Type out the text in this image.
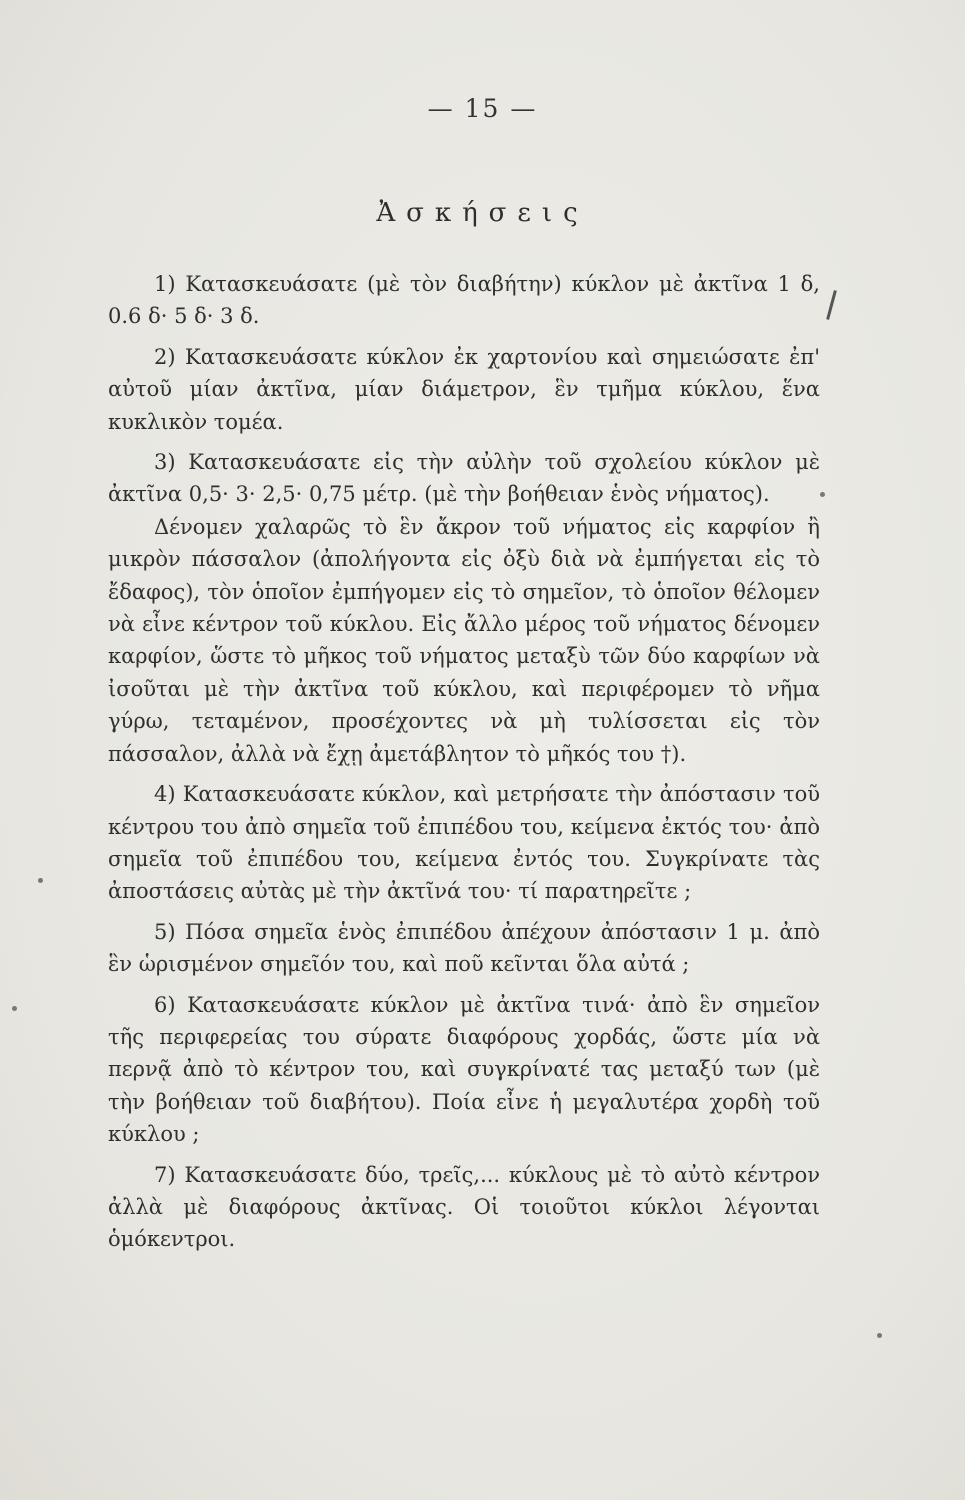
— 15 —
Ἀσκήσεις

1) Κατασκευάσατε (μὲ τὸν διαβήτην) κύκλον μὲ ἀκτῖνα 1 δ, 0.6 δ· 5 δ· 3 δ.

2) Κατασκευάσατε κύκλον ἐκ χαρτονίου καὶ σημειώσατε ἐπ' αὐτοῦ μίαν ἀκτῖνα, μίαν διάμετρον, ἓν τμῆμα κύκλου, ἕνα κυκλικὸν τομέα.

3) Κατασκευάσατε εἰς τὴν αὐλὴν τοῦ σχολείου κύκλον μὲ ἀκτῖνα 0,5· 3· 2,5· 0,75 μέτρ. (μὲ τὴν βοήθειαν ἑνὸς νήματος).

Δένομεν χαλαρῶς τὸ ἓν ἄκρον τοῦ νήματος εἰς καρφίον ἢ μικρὸν πάσσαλον (ἀπολήγοντα εἰς ὀξὺ διὰ νὰ ἐμπήγεται εἰς τὸ ἔδαφος), τὸν ὁποῖον ἐμπήγομεν εἰς τὸ σημεῖον, τὸ ὁποῖον θέλομεν νὰ εἶνε κέντρον τοῦ κύκλου. Εἰς ἄλλο μέρος τοῦ νήματος δένομεν καρφίον, ὥστε τὸ μῆκος τοῦ νήματος μεταξὺ τῶν δύο καρφίων νὰ ἰσοῦται μὲ τὴν ἀκτῖνα τοῦ κύκλου, καὶ περιφέρομεν τὸ νῆμα γύρω, τεταμένον, προσέχοντες νὰ μὴ τυλίσσεται εἰς τὸν πάσσαλον, ἀλλὰ νὰ ἔχῃ ἀμετάβλητον τὸ μῆκός του †).

4) Κατασκευάσατε κύκλον, καὶ μετρήσατε τὴν ἀπόστασιν τοῦ κέντρου του ἀπὸ σημεῖα τοῦ ἐπιπέδου του, κείμενα ἐκτός του· ἀπὸ σημεῖα τοῦ ἐπιπέδου του, κείμενα ἐντός του. Συγκρίνατε τὰς ἀποστάσεις αὐτὰς μὲ τὴν ἀκτῖνά του· τί παρατηρεῖτε ;

5) Πόσα σημεῖα ἑνὸς ἐπιπέδου ἀπέχουν ἀπόστασιν 1 μ. ἀπὸ ἓν ὡρισμένον σημεῖόν του, καὶ ποῦ κεῖνται ὅλα αὐτά ;

6) Κατασκευάσατε κύκλον μὲ ἀκτῖνα τινά· ἀπὸ ἓν σημεῖον τῆς περιφερείας του σύρατε διαφόρους χορδάς, ὥστε μία νὰ περνᾷ ἀπὸ τὸ κέντρον του, καὶ συγκρίνατέ τας μεταξύ των (μὲ τὴν βοήθειαν τοῦ διαβήτου). Ποία εἶνε ἡ μεγαλυτέρα χορδὴ τοῦ κύκλου ;

7) Κατασκευάσατε δύο, τρεῖς,... κύκλους μὲ τὸ αὐτὸ κέντρον ἀλλὰ μὲ διαφόρους ἀκτῖνας. Οἱ τοιοῦτοι κύκλοι λέγονται ὁμόκεντροι.
